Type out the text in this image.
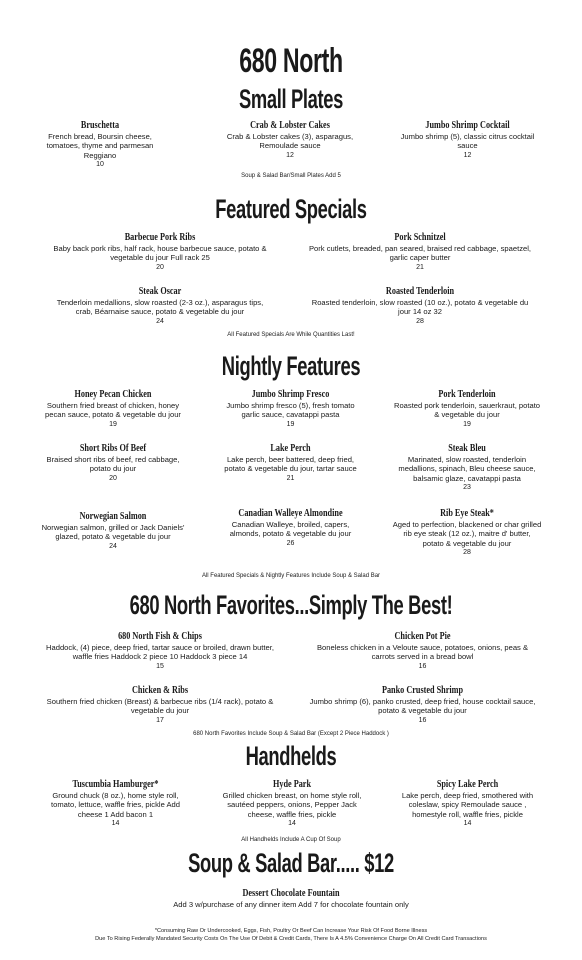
680 North
Small Plates
Bruschetta
French bread, Boursin cheese, tomatoes, thyme and parmesan Reggiano
10
Crab & Lobster Cakes
Crab & Lobster cakes (3), asparagus, Remoulade sauce
12
Jumbo Shrimp Cocktail
Jumbo shrimp (5), classic citrus cocktail sauce
12
Soup & Salad Bar/Small Plates Add 5
Featured Specials
Barbecue Pork Ribs
Baby back pork ribs, half rack, house barbecue sauce, potato & vegetable du jour Full rack 25
20
Pork Schnitzel
Pork cutlets, breaded, pan seared, braised red cabbage, spaetzel, garlic caper butter
21
Steak Oscar
Tenderloin medallions, slow roasted (2-3 oz.), asparagus tips, crab, Béarnaise sauce, potato & vegetable du jour
24
Roasted Tenderloin
Roasted tenderloin, slow roasted (10 oz.), potato & vegetable du jour 14 oz 32
28
All Featured Specials Are While Quantities Last!
Nightly Features
Honey Pecan Chicken
Southern fried breast of chicken, honey pecan sauce, potato & vegetable du jour
19
Jumbo Shrimp Fresco
Jumbo shrimp fresco (5), fresh tomato garlic sauce, cavatappi pasta
19
Pork Tenderloin
Roasted pork tenderloin, sauerkraut, potato & vegetable du jour
19
Short Ribs Of Beef
Braised short ribs of beef, red cabbage, potato du jour
20
Lake Perch
Lake perch, beer battered, deep fried, potato & vegetable du jour, tartar sauce
21
Steak Bleu
Marinated, slow roasted, tenderloin medallions, spinach, Bleu cheese sauce, balsamic glaze, cavatappi pasta
23
Norwegian Salmon
Norwegian salmon, grilled or Jack Daniels' glazed, potato & vegetable du jour
24
Canadian Walleye Almondine
Canadian Walleye, broiled, capers, almonds, potato & vegetable du jour
26
Rib Eye Steak*
Aged to perfection, blackened or char grilled rib eye steak (12 oz.), maitre d' butter, potato & vegetable du jour
28
All Featured Specials & Nightly Features Include Soup & Salad Bar
680 North Favorites...Simply The Best!
680 North Fish & Chips
Haddock, (4) piece, deep fried, tartar sauce or broiled, drawn butter, waffle fries Haddock 2 piece 10 Haddock 3 piece 14
15
Chicken Pot Pie
Boneless chicken in a Veloute sauce, potatoes, onions, peas & carrots served in a bread bowl
16
Chicken & Ribs
Southern fried chicken (Breast) & barbecue ribs (1/4 rack), potato & vegetable du jour
17
Panko Crusted Shrimp
Jumbo shrimp (6), panko crusted, deep fried, house cocktail sauce, potato & vegetable du jour
16
680 North Favorites Include Soup & Salad Bar (Except 2 Piece Haddock )
Handhelds
Tuscumbia Hamburger*
Ground chuck (8 oz.), home style roll, tomato, lettuce, waffle fries, pickle Add cheese 1 Add bacon 1
14
Hyde Park
Grilled chicken breast, on home style roll, sautéed peppers, onions, Pepper Jack cheese, waffle fries, pickle
14
Spicy Lake Perch
Lake perch, deep fried, smothered with coleslaw, spicy Remoulade sauce , homestyle roll, waffle fries, pickle
14
All Handhelds Include A Cup Of Soup
Soup & Salad Bar..... $12
Dessert Chocolate Fountain
Add 3 w/purchase of any dinner item Add 7 for chocolate fountain only
*Consuming Raw Or Undercooked, Eggs, Fish, Poultry Or Beef Can Increase Your Risk Of Food Borne Illness
Due To Rising Federally Mandated Security Costs On The Use Of Debit & Credit Cards, There Is A 4.5% Convenience Charge On All Credit Card Transactions
